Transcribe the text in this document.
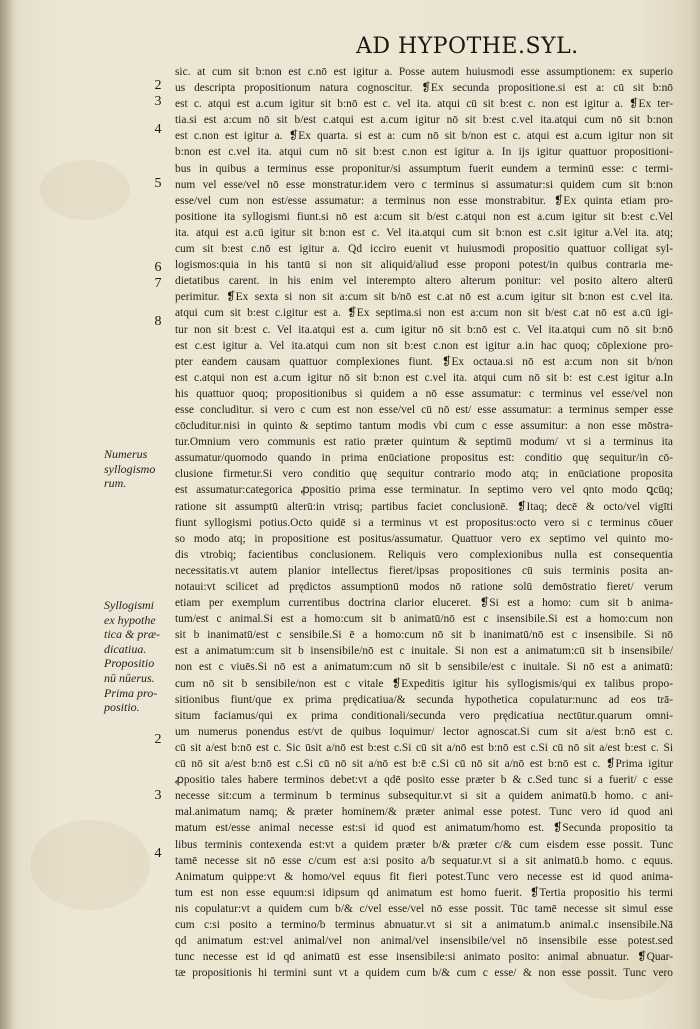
AD HYPOTHE.SYL.
sic. at cum sit b:non est c.nō est igitur a. Posse autem huiusmodi esse assumptionem: ex superio
us descripta propositionum natura cognoscitur. ❡Ex secunda propositione.si est a: cū sit b:nō
est c. atqui est a.cum igitur sit b:nō est c. vel ita. atqui cū sit b:est c. non est igitur a. ❡Ex ter-
tia.si est a:cum nō sit b/est c.atqui est a.cum igitur nō sit b:est c.vel ita.atqui cum nō sit b:non
est c.non est igitur a. ❡Ex quarta. si est a: cum nō sit b/non est c. atqui est a.cum igitur non sit
b:non est c.vel ita. atqui cum nō sit b:est c.non est igitur a. In ijs igitur quattuor propositioni-
bus in quibus a terminus esse proponitur/si assumptum fuerit eundem a terminū esse: c termi-
num vel esse/vel nō esse monstratur.idem vero c terminus si assumatur:si quidem cum sit b:non
esse/vel cum non est/esse assumatur: a terminus non esse monstrabitur. ❡Ex quinta etiam pro-
positione ita syllogismi fiunt.si nō est a:cum sit b/est c.atqui non est a.cum igitur sit b:est c.Vel
ita. atqui est a.cū igitur sit b:non est c. Vel ita.atqui cum sit b:non est c.sit igitur a.Vel ita. atq;
cum sit b:est c.nō est igitur a. Qd icciro euenit vt huiusmodi propositio quattuor colligat syl-
logismos:quia in his tantū si non sit aliquid/aliud esse proponi potest/in quibus contraria me-
dietatibus carent. in his enim vel interempto altero alterum ponitur: vel posito altero alterū
perimitur. ❡Ex sexta si non sit a:cum sit b/nō est c.at nō est a.cum igitur sit b:non est c.vel ita.
atqui cum sit b:est c.igitur est a. ❡Ex septima.si non est a:cum non sit b/est c.at nō est a.cū igi-
tur non sit b:est c. Vel ita.atqui est a. cum igitur nō sit b:nō est c. Vel ita.atqui cum nō sit b:nō
est c.est igitur a. Vel ita.atqui cum non sit b:est c.non est igitur a.in hac quoq; cōplexione pro-
pter eandem causam quattuor complexiones fiunt. ❡Ex octaua.si nō est a:cum non sit b/non
est c.atqui non est a.cum igitur nō sit b:non est c.vel ita. atqui cum nō sit b: est c.est igitur a.In
his quattuor quoq; propositionibus si quidem a nō esse assumatur: c terminus vel esse/vel non
esse concluditur. si vero c cum est non esse/vel cū nō est/ esse assumatur: a terminus semper esse
cōcluditur.nisi in quinto & septimo tantum modis vbi cum c esse assumitur: a non esse mōstra-
tur.Omnium vero communis est ratio præter quintum & septimū modum/ vt si a terminus ita
assumatur/quomodo quando in prima enūciatione propositus est: conditio quę sequitur/in cō-
clusione firmetur.Si vero conditio quę sequitur contrario modo atq; in enūciatione proposita
est assumatur:categorica ꝓpositio prima esse terminatur. In septimo vero vel qnto modo ꝗcūq;
ratione sit assumptū alterū:in vtrisq; partibus faciet conclusionē. ❡Itaq; decē & octo/vel vigīti
fiunt syllogismi potius.Octo quidē si a terminus vt est propositus:octo vero si c terminus cōuer
so modo atq; in propositione est positus/assumatur. Quattuor vero ex septimo vel quinto mo-
dis vtrobiq; facientibus conclusionem. Reliquis vero complexionibus nulla est consequentia
necessitatis.vt autem planior intellectus fieret/ipsas propositiones cū suis terminis posita an-
notaui:vt scilicet ad prędictos assumptionū modos nō ratione solū demōstratio fieret/ verum
etiam per exemplum currentibus doctrina clarior eluceret. ❡Si est a homo: cum sit b anima-
tum/est c animal.Si est a homo:cum sit b animatū/nō est c insensibile.Si est a homo:cum non
sit b inanimatū/est c sensibile.Si ē a homo:cum nō sit b inanimatū/nō est c insensibile. Si nō
est a animatum:cum sit b insensibile/nō est c inuitale. Si non est a animatum:cū sit b insensibile/
non est c viuēs.Si nō est a animatum:cum nō sit b sensibile/est c inuitale. Si nō est a animatū:
cum nō sit b sensibile/non est c vitale ❡Expeditis igitur his syllogismis/qui ex talibus propo-
sitionibus fiunt/que ex prima prędicatiua/& secunda hypothetica copulatur:nunc ad eos trā-
situm faciamus/qui ex prima conditionali/secunda vero prędicatiua nectūtur.quarum omni-
um numerus ponendus est/vt de quibus loquimur/ lector agnoscat.Si cum sit a/est b:nō est c.
cū sit a/est b:nō est c. Sic ūsit a/nō est b:est c.Si cū sit a/nō est b:nō est c.Si cū nō sit a/est b:est c. Si
cū nō sit a/est b:nō est c.Si cū nō sit a/nō est b:ē c.Si cū nō sit a/nō est b:nō est c. ❡Prima igitur
ꝓpositio tales habere terminos debet:vt a qdē posito esse præter b & c.Sed tunc si a fuerit/ c esse
necesse sit:cum a terminum b terminus subsequitur.vt si sit a quidem animatū.b homo. c ani-
mal.animatum namq; & præter hominem/& præter animal esse potest. Tunc vero id quod ani
matum est/esse animal necesse est:si id quod est animatum/homo est. ❡Secunda propositio ta
libus terminis contexenda est:vt a quidem præter b/& præter c/& cum eisdem esse possit. Tunc
tamē necesse sit nō esse c/cum est a:si posito a/b sequatur.vt si a sit animatū.b homo. c equus.
Animatum quippe:vt & homo/vel equus fit fieri potest.Tunc vero necesse est id quod anima-
tum est non esse equum:si idipsum qd animatum est homo fuerit. ❡Tertia propositio his termi
nis copulatur:vt a quidem cum b/& c/vel esse/vel nō esse possit. Tūc tamē necesse sit simul esse
cum c:si posito a termino/b terminus abnuatur.vt si sit a animatum.b animal.c insensibile.Nā
qd animatum est:vel animal/vel non animal/vel insensibile/vel nō insensibile esse potest.sed
tunc necesse est id qd animatū est esse insensibile:si animato posito: animal abnuatur. ❡Quar-
tæ propositionis hi termini sunt vt a quidem cum b/& cum c esse/ & non esse possit. Tunc vero
2
3
4
5
6
7
8
2
3
4
Numerus
syllogismo
rum.
Syllogismi
ex hypothe
tica & præ-
dicatiua.
Propositio
nū nūerus.
Prima pro-
positio.
